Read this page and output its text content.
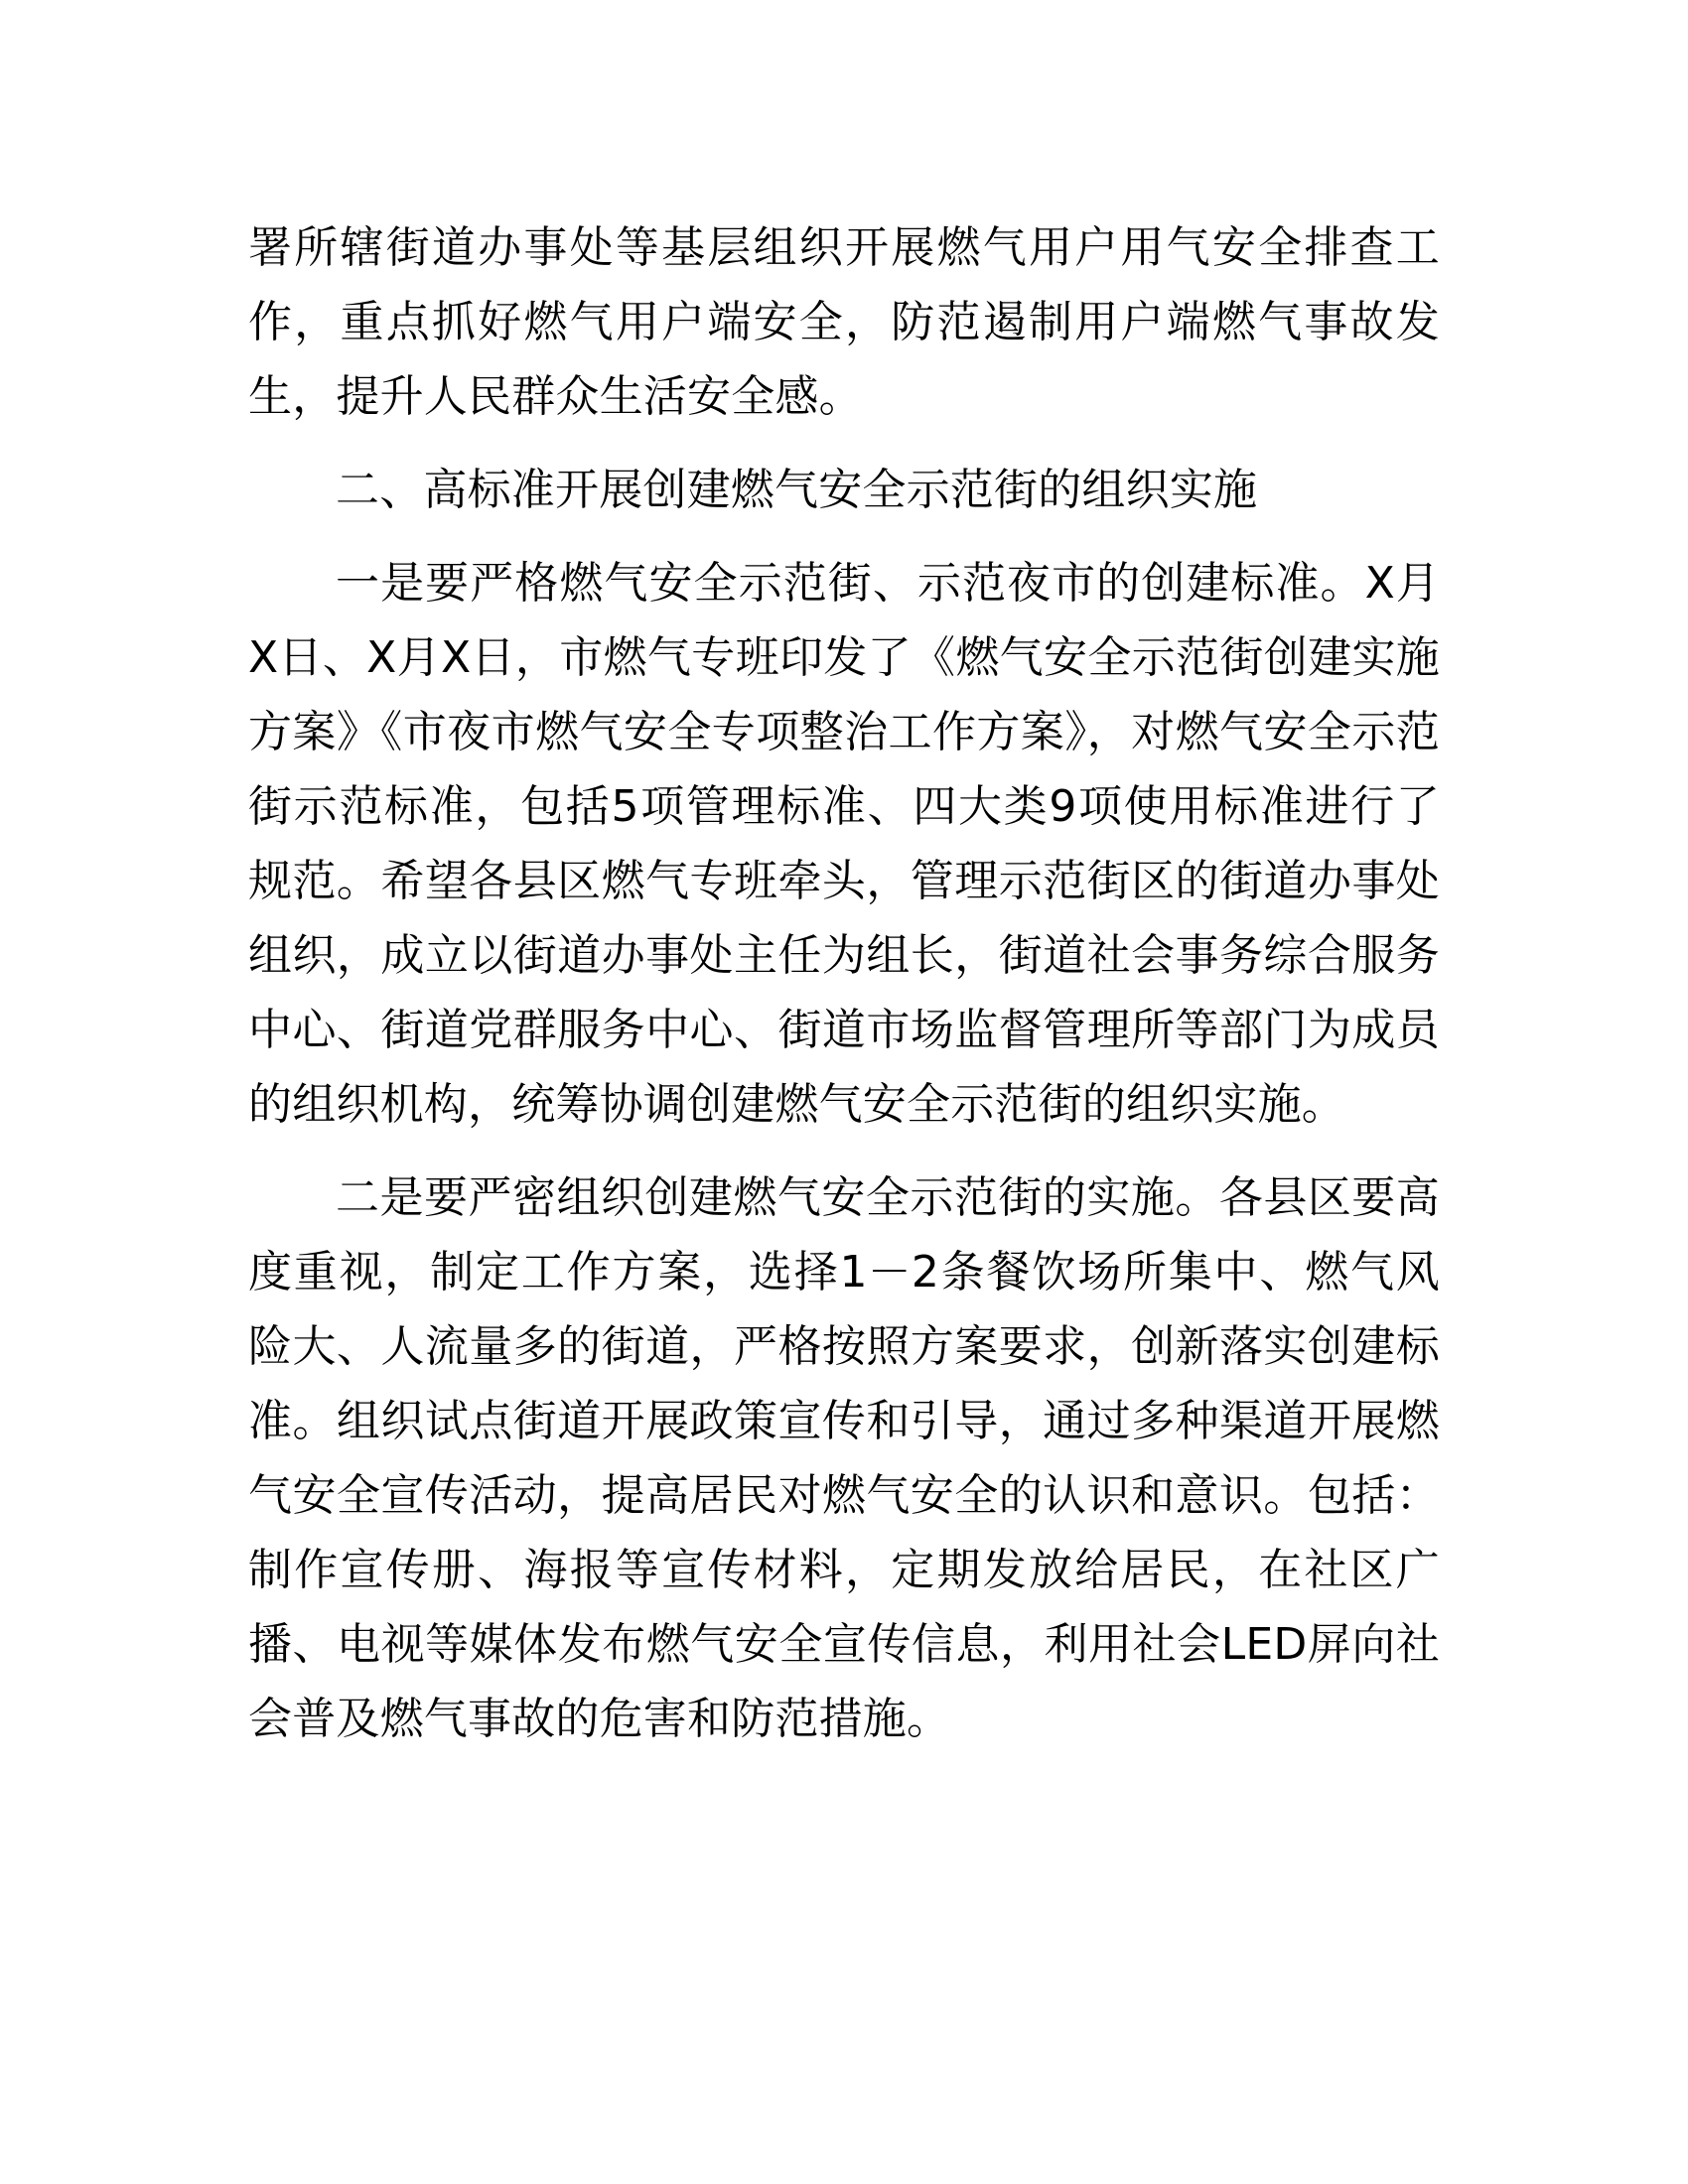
署所辖街道办事处等基层组织开展燃气用户用气安全排查工作，重点抓好燃气用户端安全，防范遏制用户端燃气事故发生，提升人民群众生活安全感。

二、高标准开展创建燃气安全示范街的组织实施

一是要严格燃气安全示范街、示范夜市的创建标准。X月X日、X月X日，市燃气专班印发了《燃气安全示范街创建实施方案》《市夜市燃气安全专项整治工作方案》，对燃气安全示范街示范标准，包括5项管理标准、四大类9项使用标准进行了规范。希望各县区燃气专班牵头，管理示范街区的街道办事处组织，成立以街道办事处主任为组长，街道社会事务综合服务中心、街道党群服务中心、街道市场监督管理所等部门为成员的组织机构，统筹协调创建燃气安全示范街的组织实施。

二是要严密组织创建燃气安全示范街的实施。各县区要高度重视，制定工作方案，选择1－2条餐饮场所集中、燃气风险大、人流量多的街道，严格按照方案要求，创新落实创建标准。组织试点街道开展政策宣传和引导，通过多种渠道开展燃气安全宣传活动，提高居民对燃气安全的认识和意识。包括：制作宣传册、海报等宣传材料，定期发放给居民，在社区广播、电视等媒体发布燃气安全宣传信息，利用社会LED屏向社会普及燃气事故的危害和防范措施。
